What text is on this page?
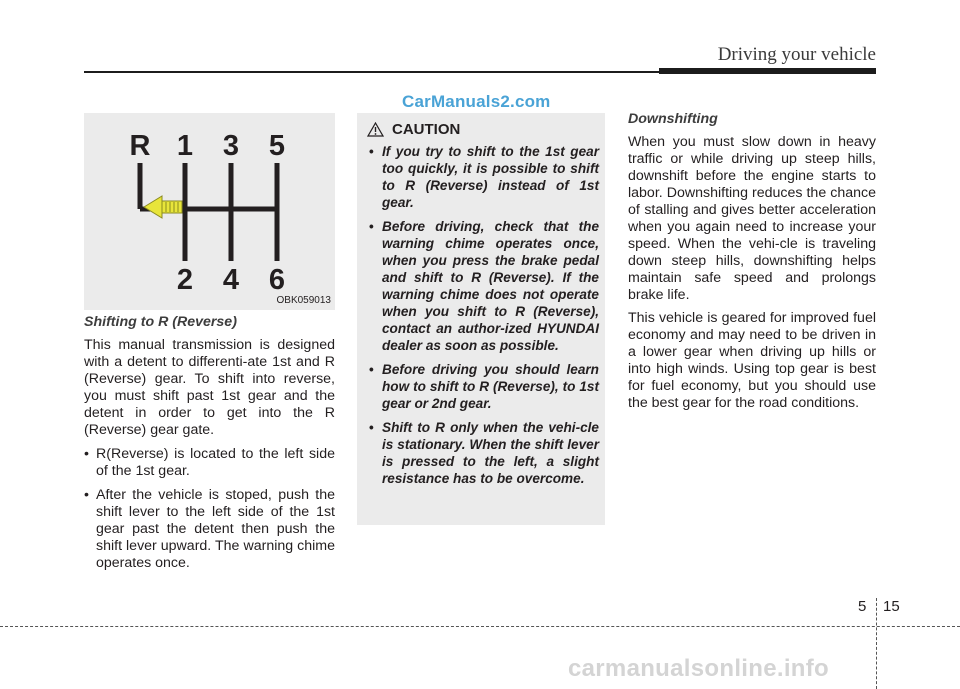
Driving your vehicle
CarManuals2.com
R 1 3 5
2 4 6
OBK059013

Shifting to R (Reverse)

This manual transmission is designed with a detent to differenti-ate 1st and R (Reverse) gear. To shift into reverse, you must shift past 1st gear and the detent in order to get into the R (Reverse) gear gate.

• R(Reverse) is located to the left side of the 1st gear.
• After the vehicle is stoped, push the shift lever to the left side of the 1st gear past the detent then push the shift lever upward. The warning chime operates once.
CAUTION
• If you try to shift to the 1st gear too quickly, it is possible to shift to R (Reverse) instead of 1st gear.
• Before driving, check that the warning chime operates once, when you press the brake pedal and shift to R (Reverse). If the warning chime does not operate when you shift to R (Reverse), contact an author-ized HYUNDAI dealer as soon as possible.
• Before driving you should learn how to shift to R (Reverse), to 1st gear or 2nd gear.
• Shift to R only when the vehi-cle is stationary. When the shift lever is pressed to the left, a slight resistance has to be overcome.

Downshifting

When you must slow down in heavy traffic or while driving up steep hills, downshift before the engine starts to labor. Downshifting reduces the chance of stalling and gives better acceleration when you again need to increase your speed. When the vehi-cle is traveling down steep hills, downshifting helps maintain safe speed and prolongs brake life.

This vehicle is geared for improved fuel economy and may need to be driven in a lower gear when driving up hills or into high winds. Using top gear is best for fuel economy, but you should use the best gear for the road conditions.

5 15
carmanualsonline.info
